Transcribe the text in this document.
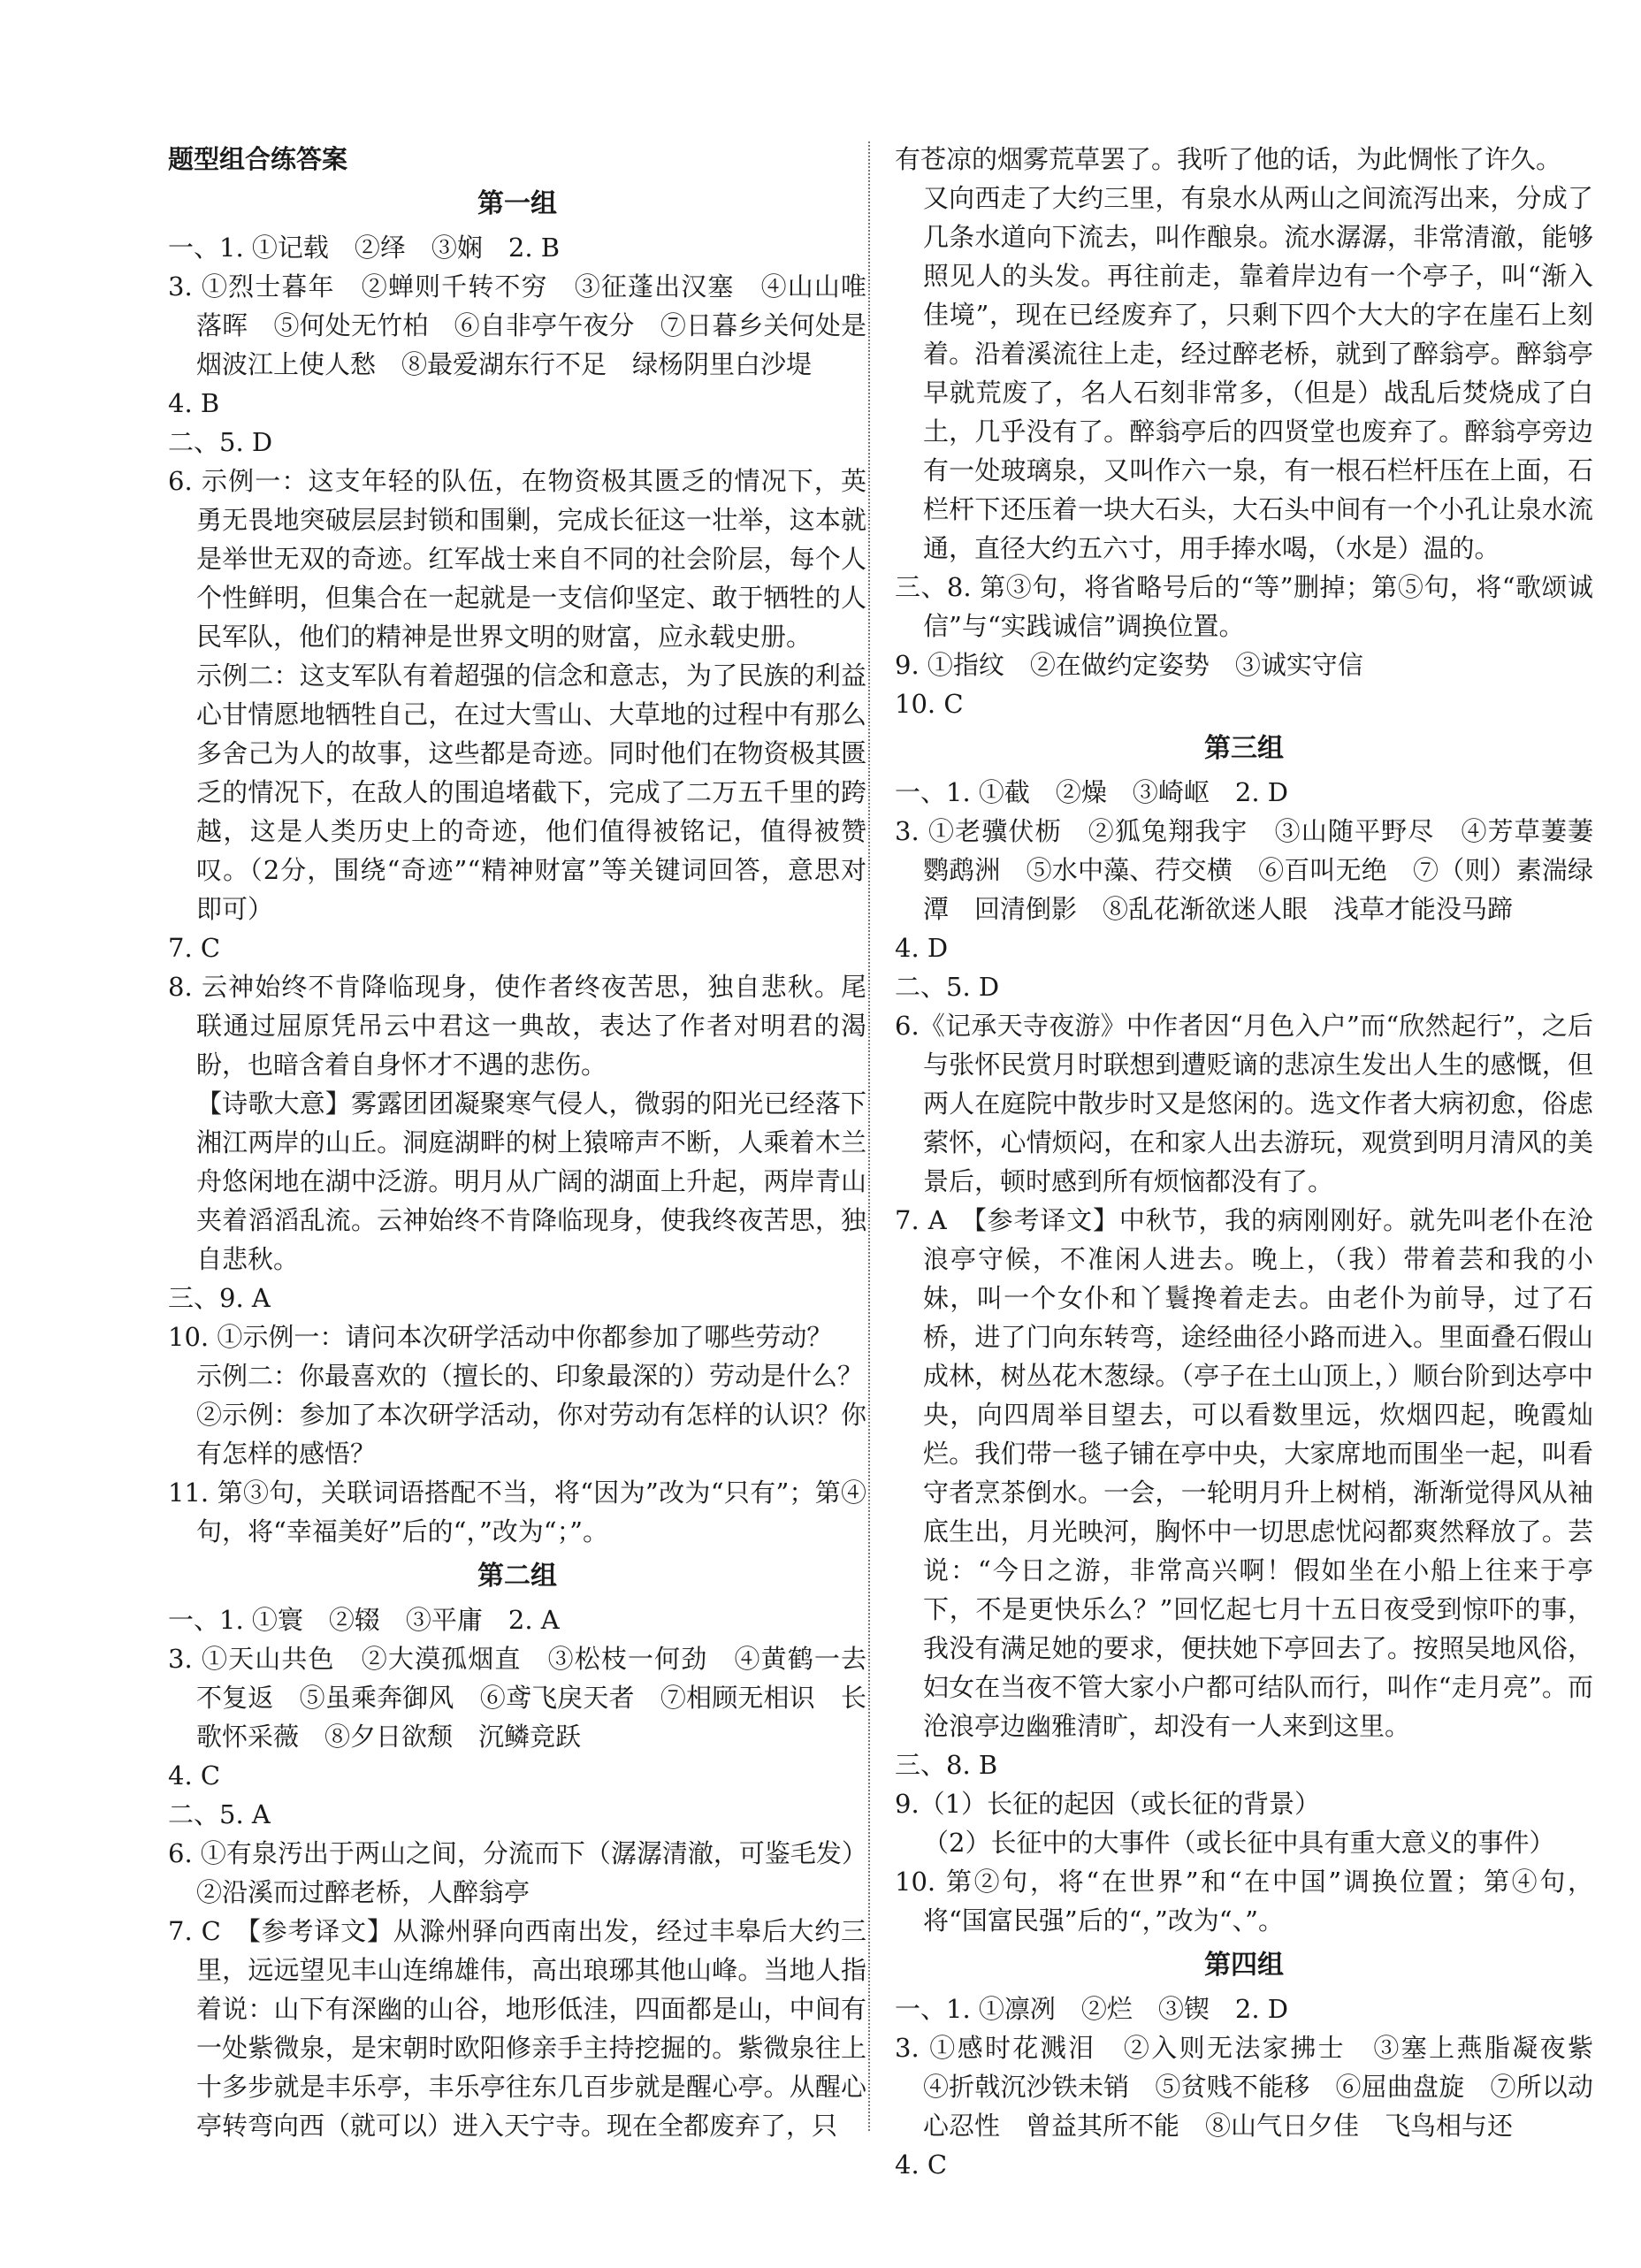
题型组合练答案
第一组
一、1. ①记载　②绎　③娴　2. B
3. ①烈士暮年　②蝉则千转不穷　③征蓬出汉塞　④山山唯落晖　⑤何处无竹柏　⑥自非亭午夜分　⑦日暮乡关何处是　烟波江上使人愁　⑧最爱湖东行不足　绿杨阴里白沙堤
4. B
二、5. D
6. 示例一：这支年轻的队伍，在物资极其匮乏的情况下，英勇无畏地突破层层封锁和围剿，完成长征这一壮举，这本就是举世无双的奇迹。红军战士来自不同的社会阶层，每个人个性鲜明，但集合在一起就是一支信仰坚定、敢于牺牲的人民军队，他们的精神是世界文明的财富，应永载史册。
示例二：这支军队有着超强的信念和意志，为了民族的利益心甘情愿地牺牲自己，在过大雪山、大草地的过程中有那么多舍己为人的故事，这些都是奇迹。同时他们在物资极其匮乏的情况下，在敌人的围追堵截下，完成了二万五千里的跨越，这是人类历史上的奇迹，他们值得被铭记，值得被赞叹。（2分，围绕“奇迹”“精神财富”等关键词回答，意思对即可）
7. C
8. 云神始终不肯降临现身，使作者终夜苦思，独自悲秋。尾联通过屈原凭吊云中君这一典故，表达了作者对明君的渴盼，也暗含着自身怀才不遇的悲伤。
【诗歌大意】雾露团团凝聚寒气侵人，微弱的阳光已经落下湘江两岸的山丘。洞庭湖畔的树上猿啼声不断，人乘着木兰舟悠闲地在湖中泛游。明月从广阔的湖面上升起，两岸青山夹着滔滔乱流。云神始终不肯降临现身，使我终夜苦思，独自悲秋。
三、9. A
10. ①示例一：请问本次研学活动中你都参加了哪些劳动？
示例二：你最喜欢的（擅长的、印象最深的）劳动是什么？
②示例：参加了本次研学活动，你对劳动有怎样的认识？你有怎样的感悟？
11. 第③句，关联词语搭配不当，将“因为”改为“只有”；第④句，将“幸福美好”后的“，”改为“；”。
第二组
一、1. ①寰　②辍　③平庸　2. A
3. ①天山共色　②大漠孤烟直　③松枝一何劲　④黄鹤一去不复返　⑤虽乘奔御风　⑥鸢飞戾天者　⑦相顾无相识　长歌怀采薇　⑧夕日欲颓　沉鳞竞跃
4. C
二、5. A
6. ①有泉汚出于两山之间，分流而下（潺潺清澈，可鉴毛发）
②沿溪而过醉老桥，人醉翁亭
7. C　【参考译文】从滁州驿向西南出发，经过丰皋后大约三里，远远望见丰山连绵雄伟，高出琅琊其他山峰。当地人指着说：山下有深幽的山谷，地形低洼，四面都是山，中间有一处紫微泉，是宋朝时欧阳修亲手主持挖掘的。紫微泉往上十多步就是丰乐亭，丰乐亭往东几百步就是醒心亭。从醒心亭转弯向西（就可以）进入天宁寺。现在全都废弃了，只
有苍凉的烟雾荒草罢了。我听了他的话，为此惆怅了许久。
又向西走了大约三里，有泉水从两山之间流泻出来，分成了几条水道向下流去，叫作酿泉。流水潺潺，非常清澈，能够照见人的头发。再往前走，靠着岸边有一个亭子，叫“渐入佳境”，现在已经废弃了，只剩下四个大大的字在崖石上刻着。沿着溪流往上走，经过醉老桥，就到了醉翁亭。醉翁亭早就荒废了，名人石刻非常多，（但是）战乱后焚烧成了白土，几乎没有了。醉翁亭后的四贤堂也废弃了。醉翁亭旁边有一处玻璃泉，又叫作六一泉，有一根石栏杆压在上面，石栏杆下还压着一块大石头，大石头中间有一个小孔让泉水流通，直径大约五六寸，用手捧水喝，（水是）温的。
三、8. 第③句，将省略号后的“等”删掉；第⑤句，将“歌颂诚信”与“实践诚信”调换位置。
9. ①指纹　②在做约定姿势　③诚实守信
10. C
第三组
一、1. ①截　②燥　③崎岖　2. D
3. ①老骥伏枥　②狐兔翔我宇　③山随平野尽　④芳草萋萋鹦鹉洲　⑤水中藻、荇交横　⑥百叫无绝　⑦（则）素湍绿潭　回清倒影　⑧乱花渐欲迷人眼　浅草才能没马蹄
4. D
二、5. D
6.《记承天寺夜游》中作者因“月色入户”而“欣然起行”，之后与张怀民赏月时联想到遭贬谪的悲凉生发出人生的感慨，但两人在庭院中散步时又是悠闲的。选文作者大病初愈，俗虑萦怀，心情烦闷，在和家人出去游玩，观赏到明月清风的美景后，顿时感到所有烦恼都没有了。
7. A　【参考译文】中秋节，我的病刚刚好。就先叫老仆在沧浪亭守候，不准闲人进去。晚上，（我）带着芸和我的小妹，叫一个女仆和丫鬟搀着走去。由老仆为前导，过了石桥，进了门向东转弯，途经曲径小路而进入。里面叠石假山成林，树丛花木葱绿。（亭子在土山顶上，）顺台阶到达亭中央，向四周举目望去，可以看数里远，炊烟四起，晚霞灿烂。我们带一毯子铺在亭中央，大家席地而围坐一起，叫看守者烹茶倒水。一会，一轮明月升上树梢，渐渐觉得风从袖底生出，月光映河，胸怀中一切思虑忧闷都爽然释放了。芸说：“今日之游，非常高兴啊！假如坐在小船上往来于亭下，不是更快乐么？”回忆起七月十五日夜受到惊吓的事，我没有满足她的要求，便扶她下亭回去了。按照吴地风俗，妇女在当夜不管大家小户都可结队而行，叫作“走月亮”。而沧浪亭边幽雅清旷，却没有一人来到这里。
三、8. B
9.（1）长征的起因（或长征的背景）
（2）长征中的大事件（或长征中具有重大意义的事件）
10. 第②句，将“在世界”和“在中国”调换位置；第④句，将“国富民强”后的“，”改为“、”。
第四组
一、1. ①凛冽　②烂　③锲　2. D
3. ①感时花溅泪　②入则无法家拂士　③塞上燕脂凝夜紫　④折戟沉沙铁未销　⑤贫贱不能移　⑥屈曲盘旋　⑦所以动心忍性　曾益其所不能　⑧山气日夕佳　飞鸟相与还
4. C
